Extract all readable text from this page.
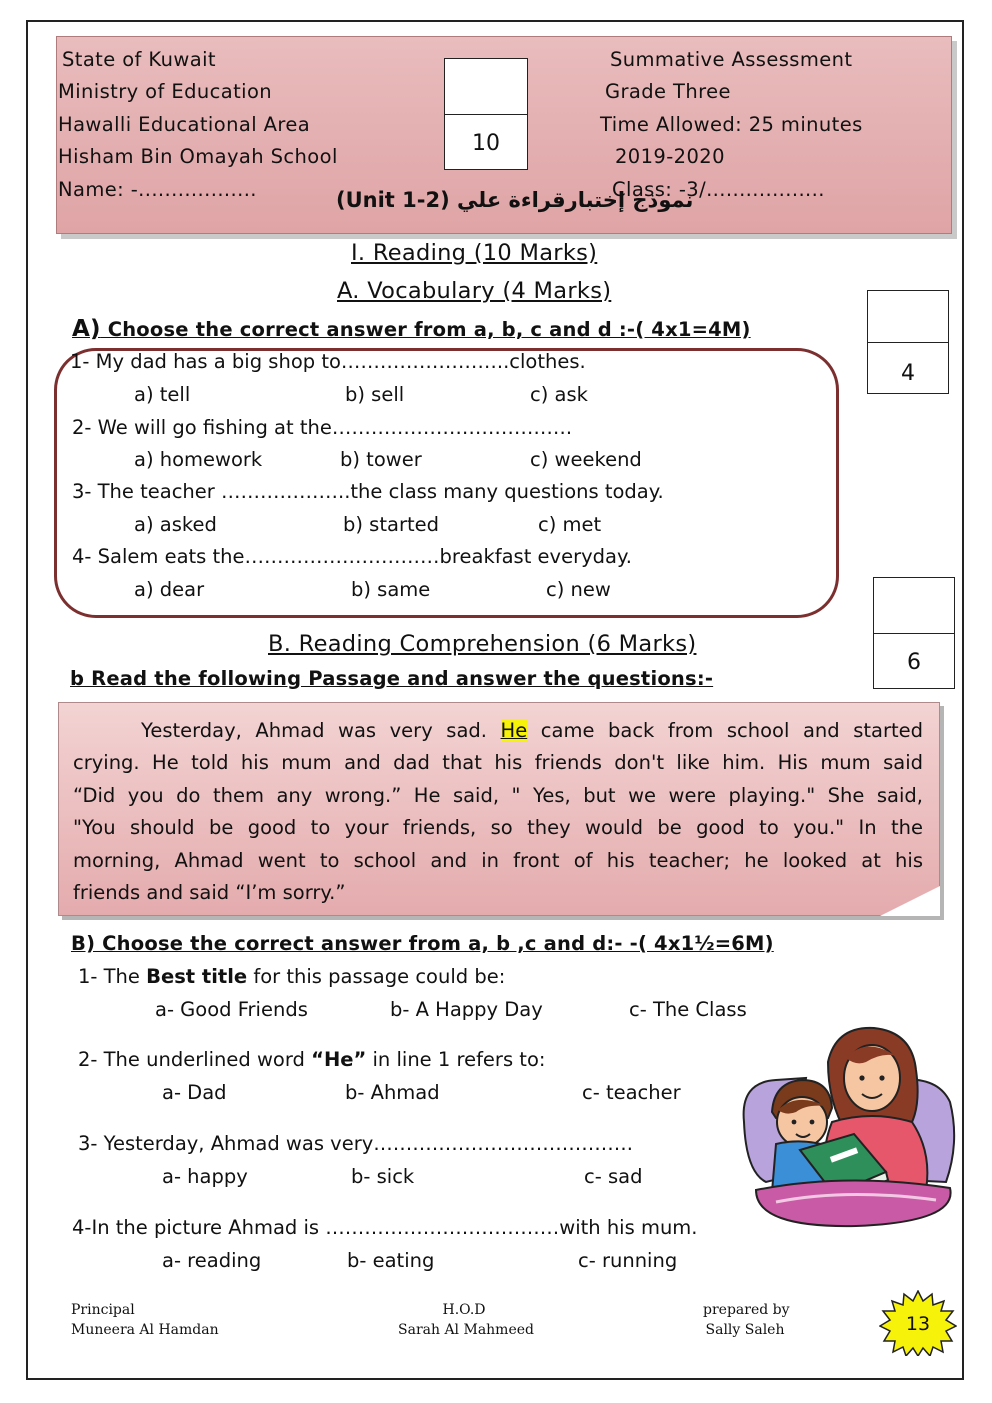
State of Kuwait
Ministry of Education
Hawalli Educational Area
Hisham Bin Omayah School
Name: -..................
Summative Assessment
Grade Three
Time Allowed: 25 minutes
2019-2020
Class: -3/..................
10
نموذج إختبارقراءة علي (Unit 1-2)
I. Reading (10 Marks)
A. Vocabulary (4 Marks)
4
A) Choose the correct answer from a, b, c and d :-( 4x1=4M)
1- My dad has a big shop to……………………..clothes.
a) tell	b) sell	c) ask
2- We will go fishing at the……………………………….
a) homework	b) tower	c) weekend
3- The teacher ………………..the class many questions today.
a) asked	b) started	c) met
4- Salem eats the…………………………breakfast everyday.
a) dear	b) same	c) new
6
B. Reading Comprehension (6 Marks)
b Read the following Passage and answer the questions:-
Yesterday, Ahmad was very sad. He came back from school and started
crying. He told his mum and dad that his friends don't like him. His mum said
“Did you do them any wrong.” He said, " Yes, but we were playing." She said,
"You should be good to your friends, so they would be good to you." In the
morning, Ahmad went to school and in front of his teacher; he looked at his
friends and said “I’m sorry.”
B) Choose the correct answer from a, b ,c and d:- -( 4x1½=6M)
1- The Best title for this passage could be:
a- Good Friends	b- A Happy Day	c- The Class
2- The underlined word “He” in line 1 refers to:
a- Dad	b- Ahmad	c- teacher
3- Yesterday, Ahmad was very………………………………….
a- happy	b- sick	c- sad
4-In the picture Ahmad is ………………………………with his mum.
a- reading	b- eating	c- running
Principal
Muneera Al Hamdan
H.O.D
Sarah Al Mahmeed
prepared by
Sally Saleh	13
